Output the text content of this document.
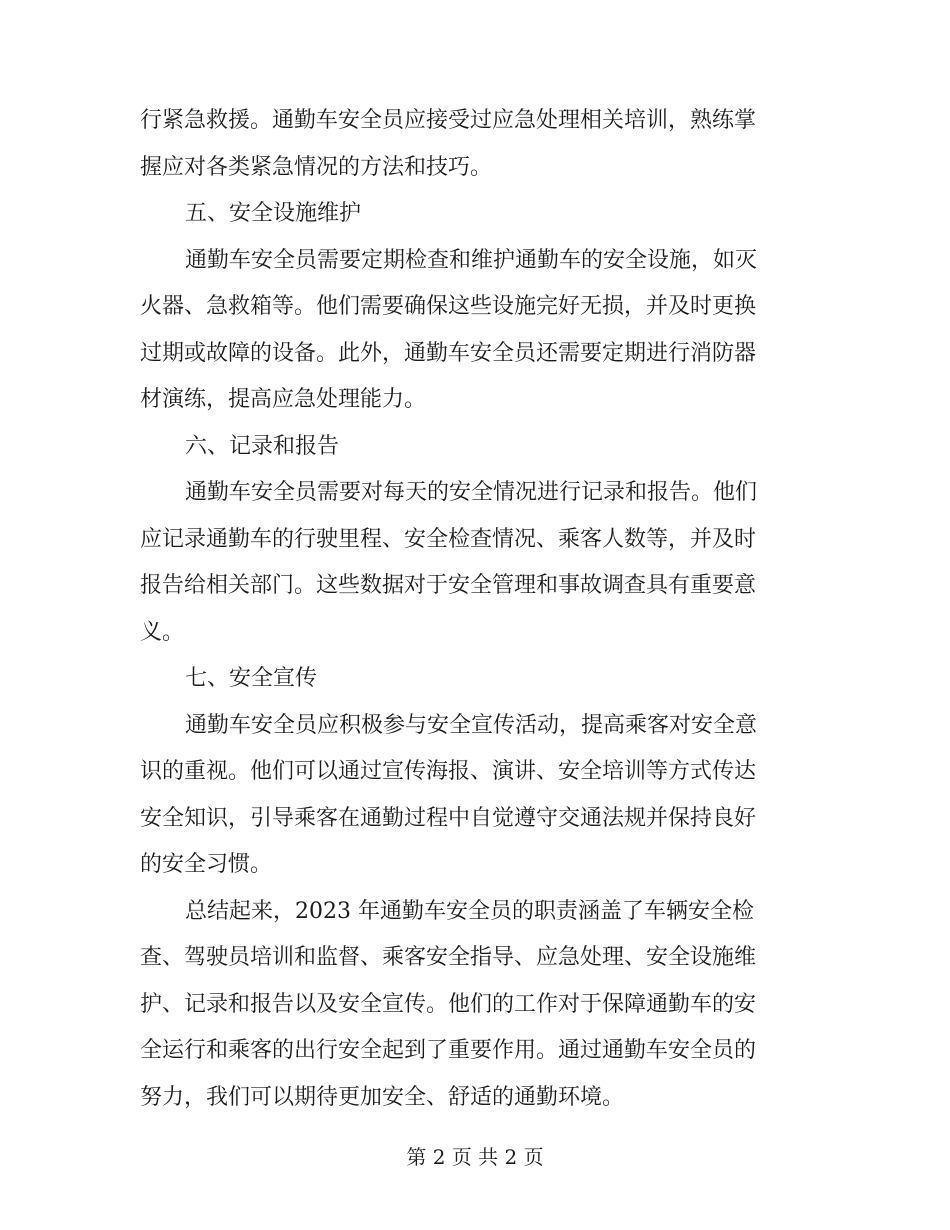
行紧急救援。通勤车安全员应接受过应急处理相关培训，熟练掌

握应对各类紧急情况的方法和技巧。

五、安全设施维护

通勤车安全员需要定期检查和维护通勤车的安全设施，如灭

火器、急救箱等。他们需要确保这些设施完好无损，并及时更换

过期或故障的设备。此外，通勤车安全员还需要定期进行消防器

材演练，提高应急处理能力。

六、记录和报告

通勤车安全员需要对每天的安全情况进行记录和报告。他们

应记录通勤车的行驶里程、安全检查情况、乘客人数等，并及时

报告给相关部门。这些数据对于安全管理和事故调查具有重要意

义。

七、安全宣传

通勤车安全员应积极参与安全宣传活动，提高乘客对安全意

识的重视。他们可以通过宣传海报、演讲、安全培训等方式传达

安全知识，引导乘客在通勤过程中自觉遵守交通法规并保持良好

的安全习惯。

总结起来，2023 年通勤车安全员的职责涵盖了车辆安全检

查、驾驶员培训和监督、乘客安全指导、应急处理、安全设施维

护、记录和报告以及安全宣传。他们的工作对于保障通勤车的安

全运行和乘客的出行安全起到了重要作用。通过通勤车安全员的

努力，我们可以期待更加安全、舒适的通勤环境。

第 2 页 共 2 页
